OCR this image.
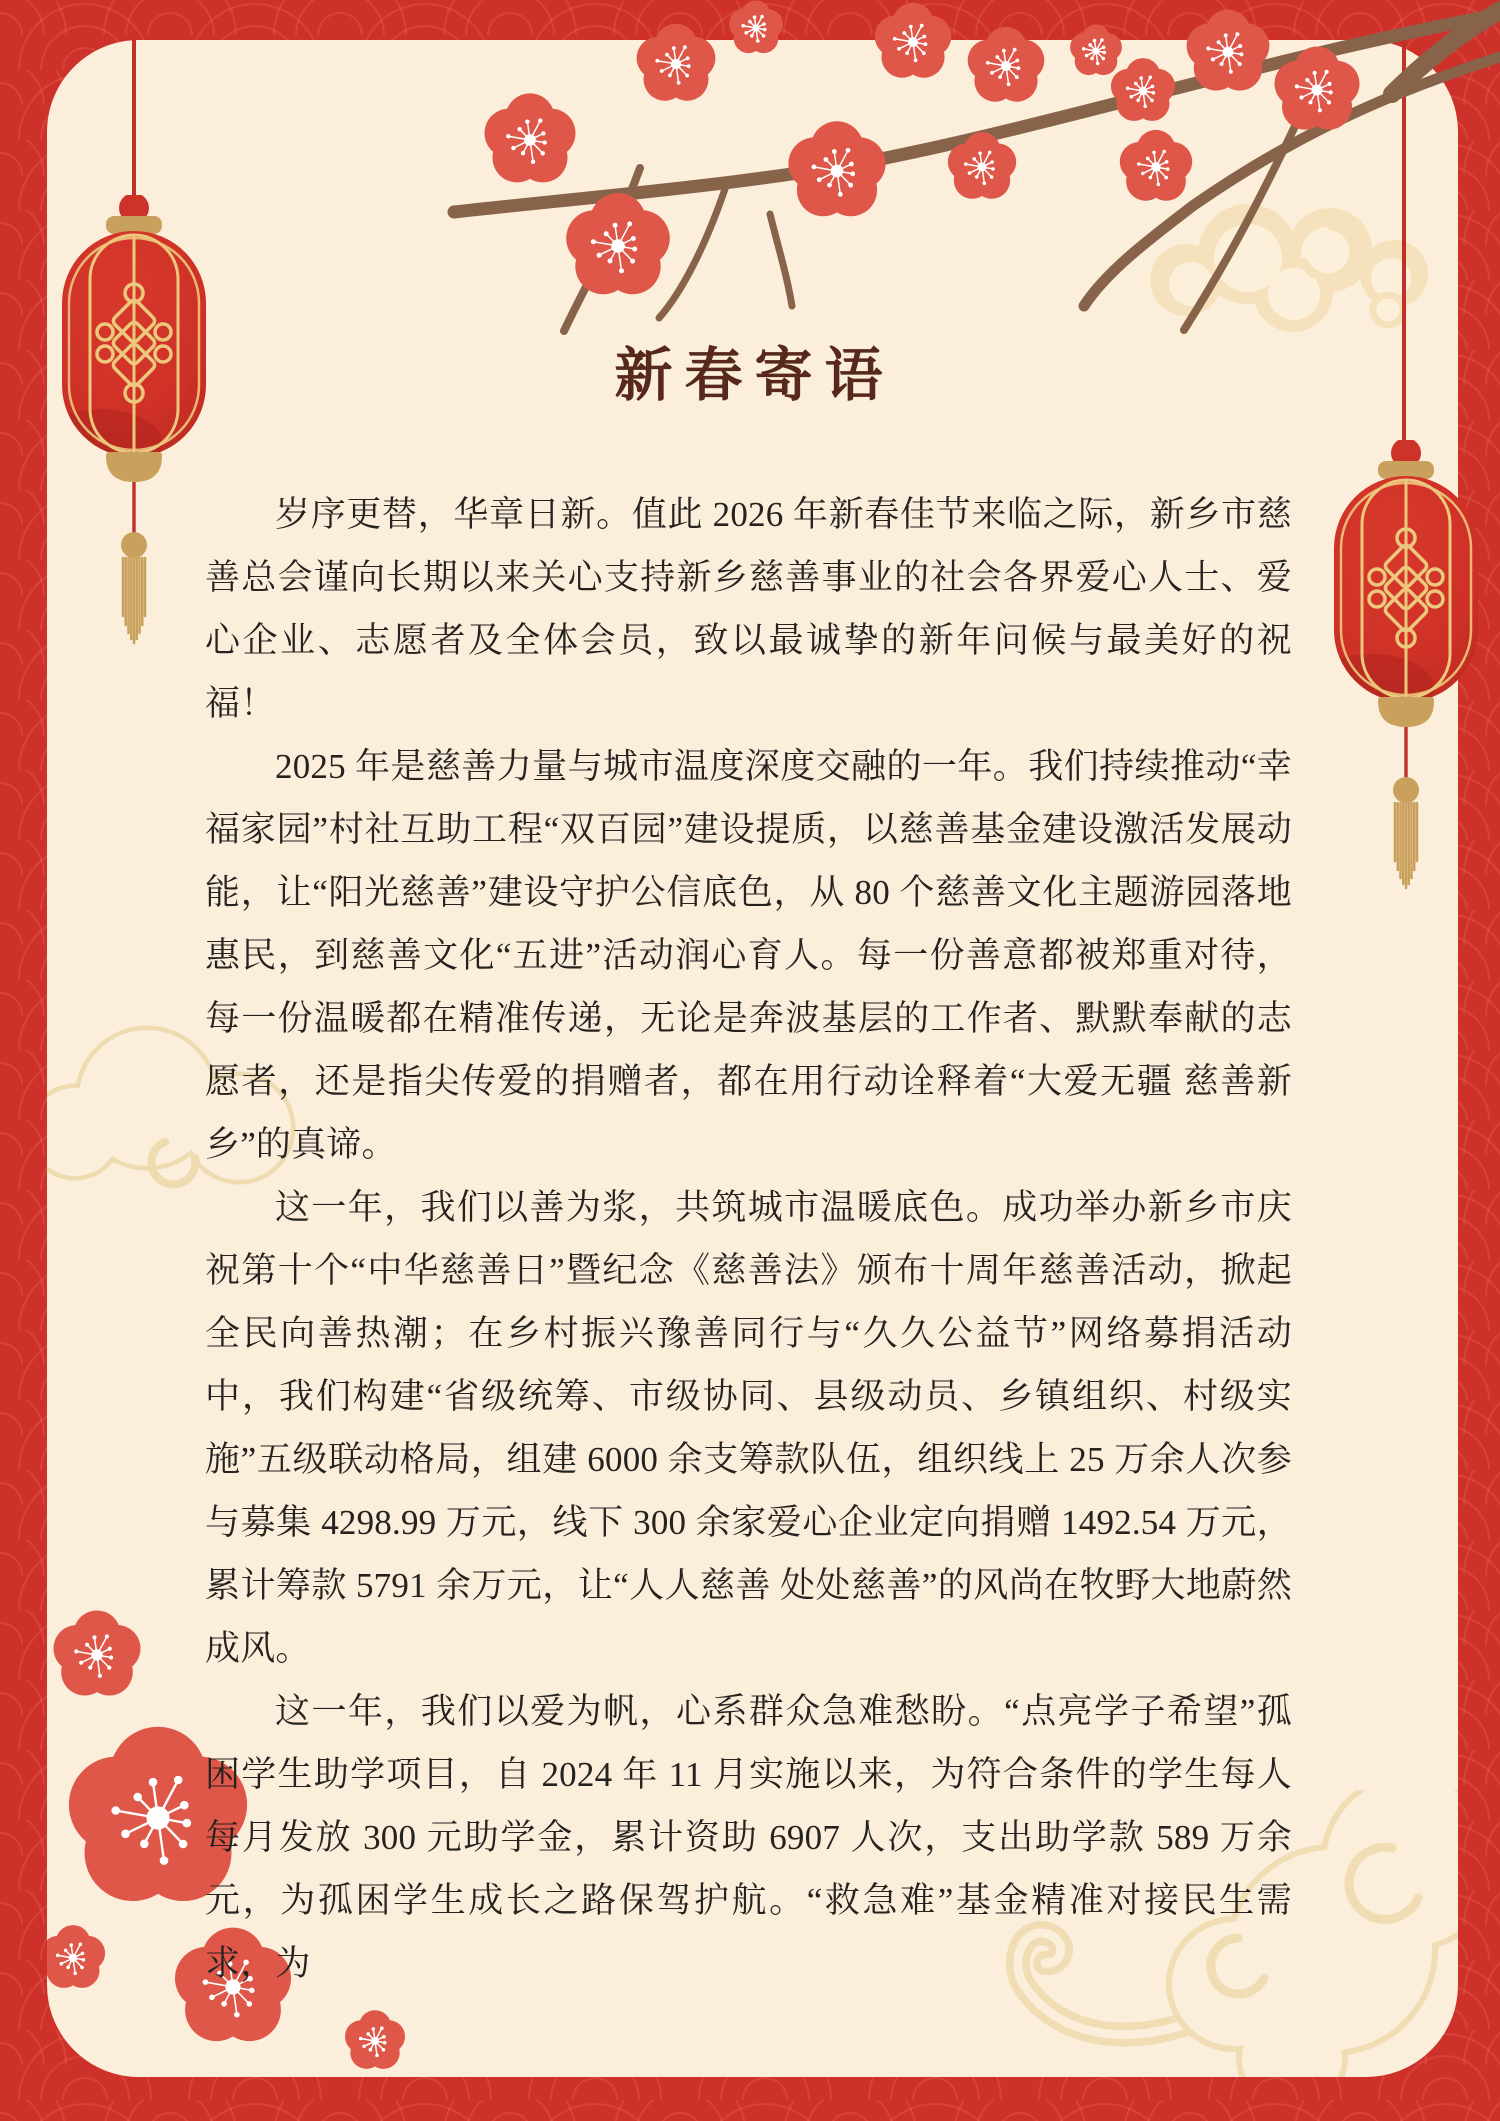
新春寄语

岁序更替，华章日新。值此 2026 年新春佳节来临之际，新乡市慈善总会谨向长期以来关心支持新乡慈善事业的社会各界爱心人士、爱心企业、志愿者及全体会员，致以最诚挚的新年问候与最美好的祝福！

2025 年是慈善力量与城市温度深度交融的一年。我们持续推动“幸福家园”村社互助工程“双百园”建设提质，以慈善基金建设激活发展动能，让“阳光慈善”建设守护公信底色，从 80 个慈善文化主题游园落地惠民，到慈善文化“五进”活动润心育人。每一份善意都被郑重对待，每一份温暖都在精准传递，无论是奔波基层的工作者、默默奉献的志愿者，还是指尖传爱的捐赠者，都在用行动诠释着“大爱无疆 慈善新乡”的真谛。

这一年，我们以善为浆，共筑城市温暖底色。成功举办新乡市庆祝第十个“中华慈善日”暨纪念《慈善法》颁布十周年慈善活动，掀起全民向善热潮；在乡村振兴豫善同行与“久久公益节”网络募捐活动中，我们构建“省级统筹、市级协同、县级动员、乡镇组织、村级实施”五级联动格局，组建 6000 余支筹款队伍，组织线上 25 万余人次参与募集 4298.99 万元，线下 300 余家爱心企业定向捐赠 1492.54 万元，累计筹款 5791 余万元，让“人人慈善 处处慈善”的风尚在牧野大地蔚然成风。

这一年，我们以爱为帆，心系群众急难愁盼。“点亮学子希望”孤困学生助学项目，自 2024 年 11 月实施以来，为符合条件的学生每人每月发放 300 元助学金，累计资助 6907 人次，支出助学款 589 万余元，为孤困学生成长之路保驾护航。“救急难”基金精准对接民生需求，为
